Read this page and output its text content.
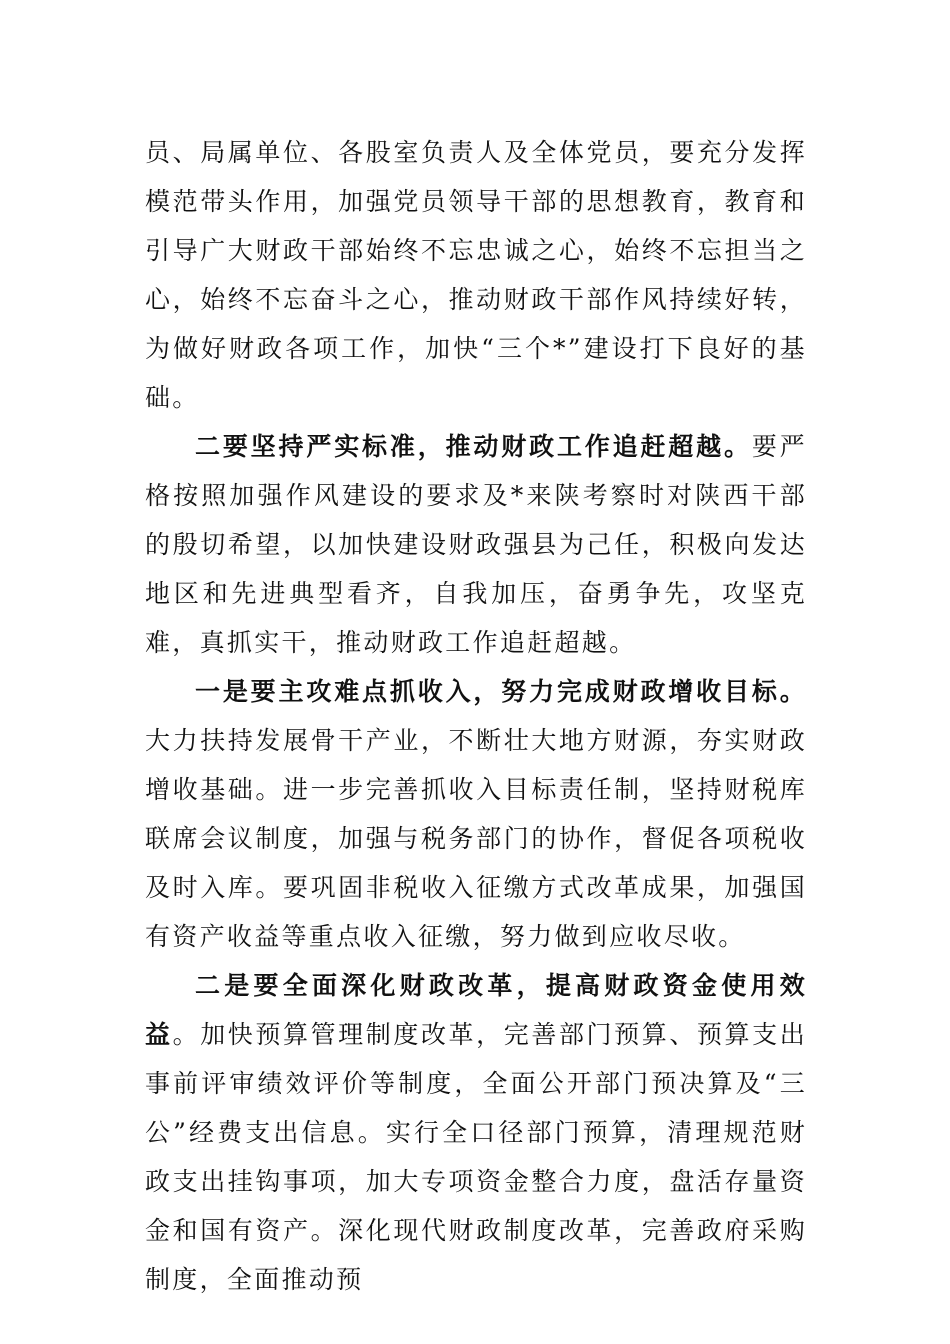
员、局属单位、各股室负责人及全体党员，要充分发挥模范带头作用，加强党员领导干部的思想教育，教育和引导广大财政干部始终不忘忠诚之心，始终不忘担当之心，始终不忘奋斗之心，推动财政干部作风持续好转，为做好财政各项工作，加快“三个*”建设打下良好的基础。

二要坚持严实标准，推动财政工作追赶超越。要严格按照加强作风建设的要求及*来陕考察时对陕西干部的殷切希望，以加快建设财政强县为己任，积极向发达地区和先进典型看齐，自我加压，奋勇争先，攻坚克难，真抓实干，推动财政工作追赶超越。

一是要主攻难点抓收入，努力完成财政增收目标。大力扶持发展骨干产业，不断壮大地方财源，夯实财政增收基础。进一步完善抓收入目标责任制，坚持财税库联席会议制度，加强与税务部门的协作，督促各项税收及时入库。要巩固非税收入征缴方式改革成果，加强国有资产收益等重点收入征缴，努力做到应收尽收。

二是要全面深化财政改革，提高财政资金使用效益。加快预算管理制度改革，完善部门预算、预算支出事前评审绩效评价等制度，全面公开部门预决算及“三公”经费支出信息。实行全口径部门预算，清理规范财政支出挂钩事项，加大专项资金整合力度，盘活存量资金和国有资产。深化现代财政制度改革，完善政府采购制度，全面推动预
